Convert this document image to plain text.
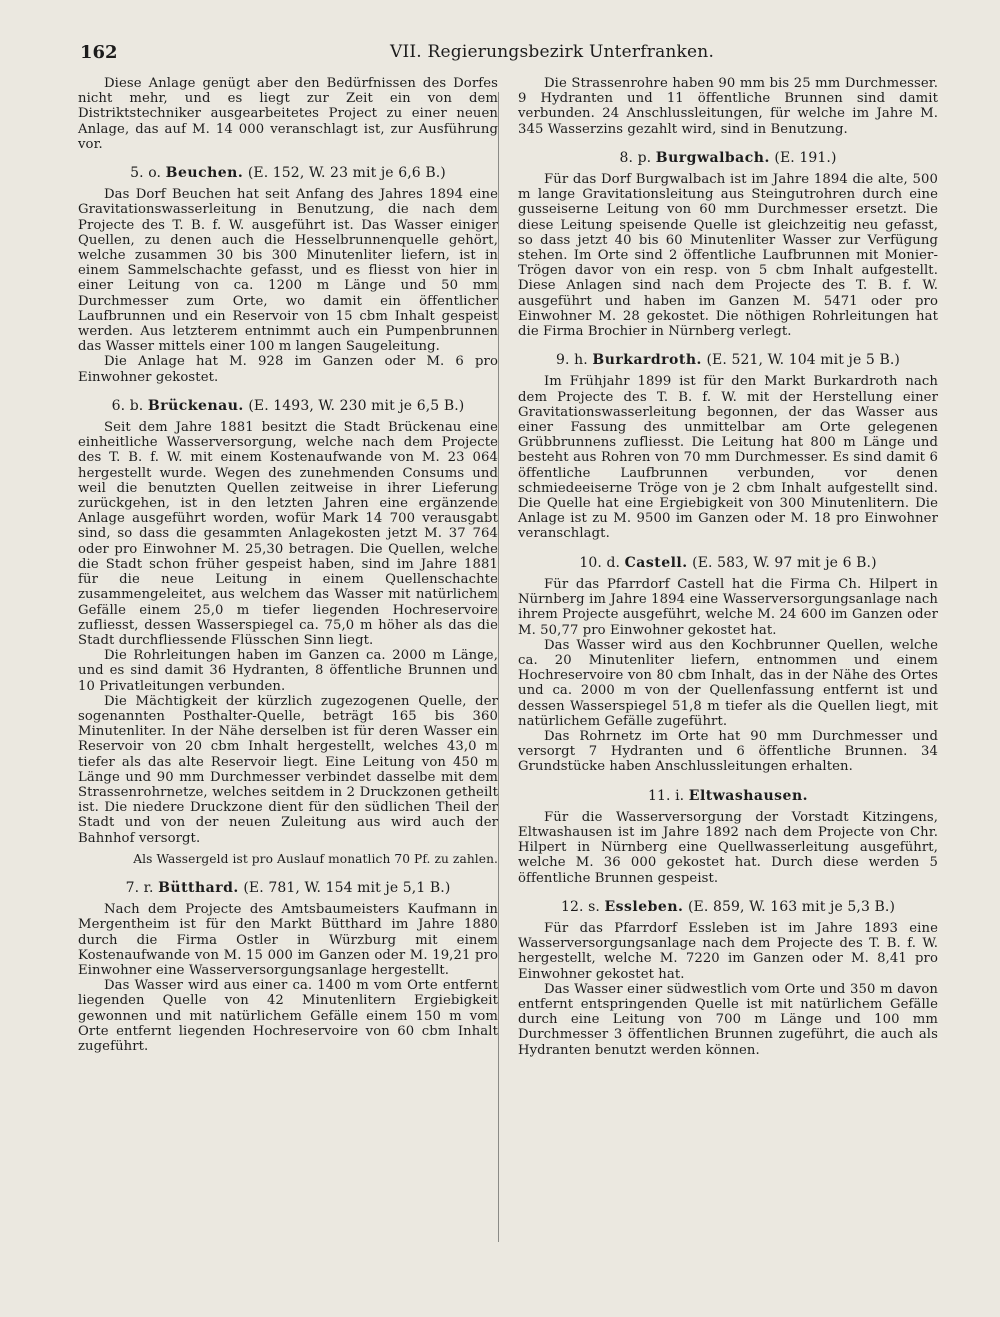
162	VII. Regierungsbezirk Unterfranken.

Diese Anlage genügt aber den Bedürfnissen des Dorfes nicht mehr, und es liegt zur Zeit ein von dem Distriktstechniker ausgearbeitetes Project zu einer neuen Anlage, das auf M. 14 000 veranschlagt ist, zur Ausführung vor.

5. o. Beuchen. (E. 152, W. 23 mit je 6,6 B.)

Das Dorf Beuchen hat seit Anfang des Jahres 1894 eine Gravitationswasserleitung in Benutzung, die nach dem Projecte des T. B. f. W. ausgeführt ist. Das Wasser einiger Quellen, zu denen auch die Hesselbrunnenquelle gehört, welche zusammen 30 bis 300 Minutenliter liefern, ist in einem Sammelschachte gefasst, und es fliesst von hier in einer Leitung von ca. 1200 m Länge und 50 mm Durchmesser zum Orte, wo damit ein öffentlicher Laufbrunnen und ein Reservoir von 15 cbm Inhalt gespeist werden. Aus letzterem entnimmt auch ein Pumpenbrunnen das Wasser mittels einer 100 m langen Saugeleitung.

Die Anlage hat M. 928 im Ganzen oder M. 6 pro Einwohner gekostet.

6. b. Brückenau. (E. 1493, W. 230 mit je 6,5 B.)

Seit dem Jahre 1881 besitzt die Stadt Brückenau eine einheitliche Wasserversorgung, welche nach dem Projecte des T. B. f. W. mit einem Kostenaufwande von M. 23 064 hergestellt wurde. Wegen des zunehmenden Consums und weil die benutzten Quellen zeitweise in ihrer Lieferung zurückgehen, ist in den letzten Jahren eine ergänzende Anlage ausgeführt worden, wofür Mark 14 700 verausgabt sind, so dass die gesammten Anlagekosten jetzt M. 37 764 oder pro Einwohner M. 25,30 betragen. Die Quellen, welche die Stadt schon früher gespeist haben, sind im Jahre 1881 für die neue Leitung in einem Quellenschachte zusammengeleitet, aus welchem das Wasser mit natürlichem Gefälle einem 25,0 m tiefer liegenden Hochreservoire zufliesst, dessen Wasserspiegel ca. 75,0 m höher als das die Stadt durchfliessende Flüsschen Sinn liegt.

Die Rohrleitungen haben im Ganzen ca. 2000 m Länge, und es sind damit 36 Hydranten, 8 öffentliche Brunnen und 10 Privatleitungen verbunden.

Die Mächtigkeit der kürzlich zugezogenen Quelle, der sogenannten Posthalter-Quelle, beträgt 165 bis 360 Minutenliter. In der Nähe derselben ist für deren Wasser ein Reservoir von 20 cbm Inhalt hergestellt, welches 43,0 m tiefer als das alte Reservoir liegt. Eine Leitung von 450 m Länge und 90 mm Durchmesser verbindet dasselbe mit dem Strassenrohrnetze, welches seitdem in 2 Druckzonen getheilt ist. Die niedere Druckzone dient für den südlichen Theil der Stadt und von der neuen Zuleitung aus wird auch der Bahnhof versorgt.

Als Wassergeld ist pro Auslauf monatlich 70 Pf. zu zahlen.
7. r. Bütthard. (E. 781, W. 154 mit je 5,1 B.)

Nach dem Projecte des Amtsbaumeisters Kaufmann in Mergentheim ist für den Markt Bütthard im Jahre 1880 durch die Firma Ostler in Würzburg mit einem Kostenaufwande von M. 15 000 im Ganzen oder M. 19,21 pro Einwohner eine Wasserversorgungsanlage hergestellt.

Das Wasser wird aus einer ca. 1400 m vom Orte entfernt liegenden Quelle von 42 Minutenlitern Ergiebigkeit gewonnen und mit natürlichem Gefälle einem 150 m vom Orte entfernt liegenden Hochreservoire von 60 cbm Inhalt zugeführt.

Die Strassenrohre haben 90 mm bis 25 mm Durchmesser. 9 Hydranten und 11 öffentliche Brunnen sind damit verbunden. 24 Anschlussleitungen, für welche im Jahre M. 345 Wasserzins gezahlt wird, sind in Benutzung.

8. p. Burgwalbach. (E. 191.)

Für das Dorf Burgwalbach ist im Jahre 1894 die alte, 500 m lange Gravitationsleitung aus Steingutrohren durch eine gusseiserne Leitung von 60 mm Durchmesser ersetzt. Die diese Leitung speisende Quelle ist gleichzeitig neu gefasst, so dass jetzt 40 bis 60 Minutenliter Wasser zur Verfügung stehen. Im Orte sind 2 öffentliche Laufbrunnen mit Monier-Trögen davor von ein resp. von 5 cbm Inhalt aufgestellt. Diese Anlagen sind nach dem Projecte des T. B. f. W. ausgeführt und haben im Ganzen M. 5471 oder pro Einwohner M. 28 gekostet. Die nöthigen Rohrleitungen hat die Firma Brochier in Nürnberg verlegt.

9. h. Burkardroth. (E. 521, W. 104 mit je 5 B.)

Im Frühjahr 1899 ist für den Markt Burkardroth nach dem Projecte des T. B. f. W. mit der Herstellung einer Gravitationswasserleitung begonnen, der das Wasser aus einer Fassung des unmittelbar am Orte gelegenen Grübbrunnens zufliesst. Die Leitung hat 800 m Länge und besteht aus Rohren von 70 mm Durchmesser. Es sind damit 6 öffentliche Laufbrunnen verbunden, vor denen schmiedeeiserne Tröge von je 2 cbm Inhalt aufgestellt sind. Die Quelle hat eine Ergiebigkeit von 300 Minutenlitern. Die Anlage ist zu M. 9500 im Ganzen oder M. 18 pro Einwohner veranschlagt.

10. d. Castell. (E. 583, W. 97 mit je 6 B.)

Für das Pfarrdorf Castell hat die Firma Ch. Hilpert in Nürnberg im Jahre 1894 eine Wasserversorgungsanlage nach ihrem Projecte ausgeführt, welche M. 24 600 im Ganzen oder M. 50,77 pro Einwohner gekostet hat.

Das Wasser wird aus den Kochbrunner Quellen, welche ca. 20 Minutenliter liefern, entnommen und einem Hochreservoire von 80 cbm Inhalt, das in der Nähe des Ortes und ca. 2000 m von der Quellenfassung entfernt ist und dessen Wasserspiegel 51,8 m tiefer als die Quellen liegt, mit natürlichem Gefälle zugeführt.

Das Rohrnetz im Orte hat 90 mm Durchmesser und versorgt 7 Hydranten und 6 öffentliche Brunnen. 34 Grundstücke haben Anschlussleitungen erhalten.

11. i. Eltwashausen.

Für die Wasserversorgung der Vorstadt Kitzingens, Eltwashausen ist im Jahre 1892 nach dem Projecte von Chr. Hilpert in Nürnberg eine Quellwasserleitung ausgeführt, welche M. 36 000 gekostet hat. Durch diese werden 5 öffentliche Brunnen gespeist.

12. s. Essleben. (E. 859, W. 163 mit je 5,3 B.)

Für das Pfarrdorf Essleben ist im Jahre 1893 eine Wasserversorgungsanlage nach dem Projecte des T. B. f. W. hergestellt, welche M. 7220 im Ganzen oder M. 8,41 pro Einwohner gekostet hat.

Das Wasser einer südwestlich vom Orte und 350 m davon entfernt entspringenden Quelle ist mit natürlichem Gefälle durch eine Leitung von 700 m Länge und 100 mm Durchmesser 3 öffentlichen Brunnen zugeführt, die auch als Hydranten benutzt werden können.
